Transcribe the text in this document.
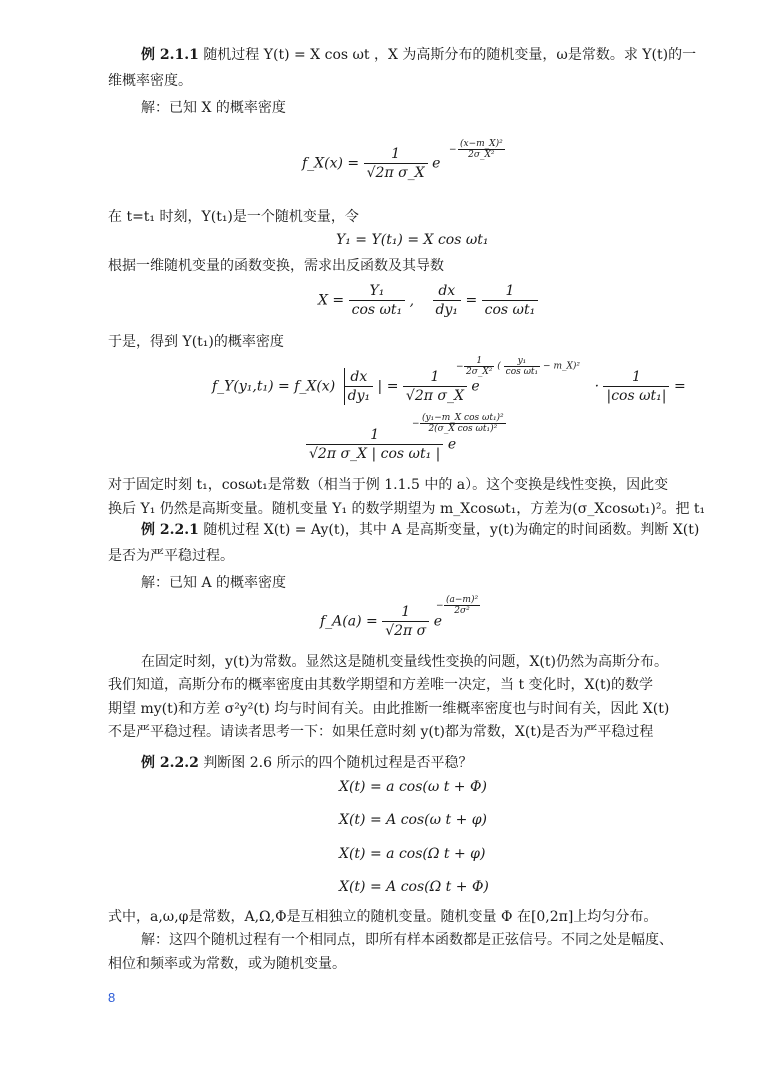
例 2.1.1 随机过程 Y(t) = X cos ωt ，X 为高斯分布的随机变量，ω是常数。求 Y(t)的一
维概率密度。
解：已知 X 的概率密度
f_X(x) = $\frac{1}{\text{√2π σ\_X}}$ e
−
(x−m_X)²
2σ_X²
在 t=t₁ 时刻，Y(t₁)是一个随机变量，令
Y₁ = Y(t₁) = X cos ωt₁
根据一维随机变量的函数变换，需求出反函数及其导数
$X = \frac{\text{Y₁}}{\text{cos ωt₁}}$ , $\frac{dx}{\text{dy₁}} = \frac{1}{\text{cos ωt₁}}$
于是，得到 Y(t₁)的概率密度
f_Y(y₁,t₁) = f_X(x) $\frac{dx}{\text{dy₁}}$ | = $\frac{1}{\text{√2π σ\_X}}$ e	· $\frac{1}{\text{|cos ωt₁|}}$ =
− $\frac{1}{\text{2σ\_X²}}$ ( $\frac{\text{y₁}}{\text{cos ωt₁}}$ − m_X)²
$\frac{1}{\text{√2π σ\_X | cos ωt₁ |}}$ e
−
(y₁−m_X cos ωt₁)²
2(σ_X cos ωt₁)²
对于固定时刻 t₁，cosωt₁是常数（相当于例 1.1.5 中的 a）。这个变换是线性变换，因此变
换后 Y₁ 仍然是高斯变量。随机变量 Y₁ 的数学期望为 m_Xcosωt₁，方差为(σ_Xcosωt₁)²。把 t₁
例 2.2.1 随机过程 X(t) = Ay(t)，其中 A 是高斯变量，y(t)为确定的时间函数。判断 X(t)
是否为严平稳过程。
解：已知 A 的概率密度
f_A(a) = $\frac{1}{\text{√2π σ}}$ e
−
(a−m)²
2σ²
在固定时刻，y(t)为常数。显然这是随机变量线性变换的问题，X(t)仍然为高斯分布。
我们知道，高斯分布的概率密度由其数学期望和方差唯一决定，当 t 变化时，X(t)的数学
期望 my(t)和方差 σ²y²(t) 均与时间有关。由此推断一维概率密度也与时间有关，因此 X(t)
不是严平稳过程。请读者思考一下：如果任意时刻 y(t)都为常数，X(t)是否为严平稳过程
例 2.2.2 判断图 2.6 所示的四个随机过程是否平稳？
X(t) = a cos(ω t + Φ)
X(t) = A cos(ω t + φ)
X(t) = a cos(Ω t + φ)
X(t) = A cos(Ω t + Φ)
式中，a,ω,φ是常数，A,Ω,Φ是互相独立的随机变量。随机变量 Φ 在[0,2π]上均匀分布。
解：这四个随机过程有一个相同点，即所有样本函数都是正弦信号。不同之处是幅度、
相位和频率或为常数，或为随机变量。
8
